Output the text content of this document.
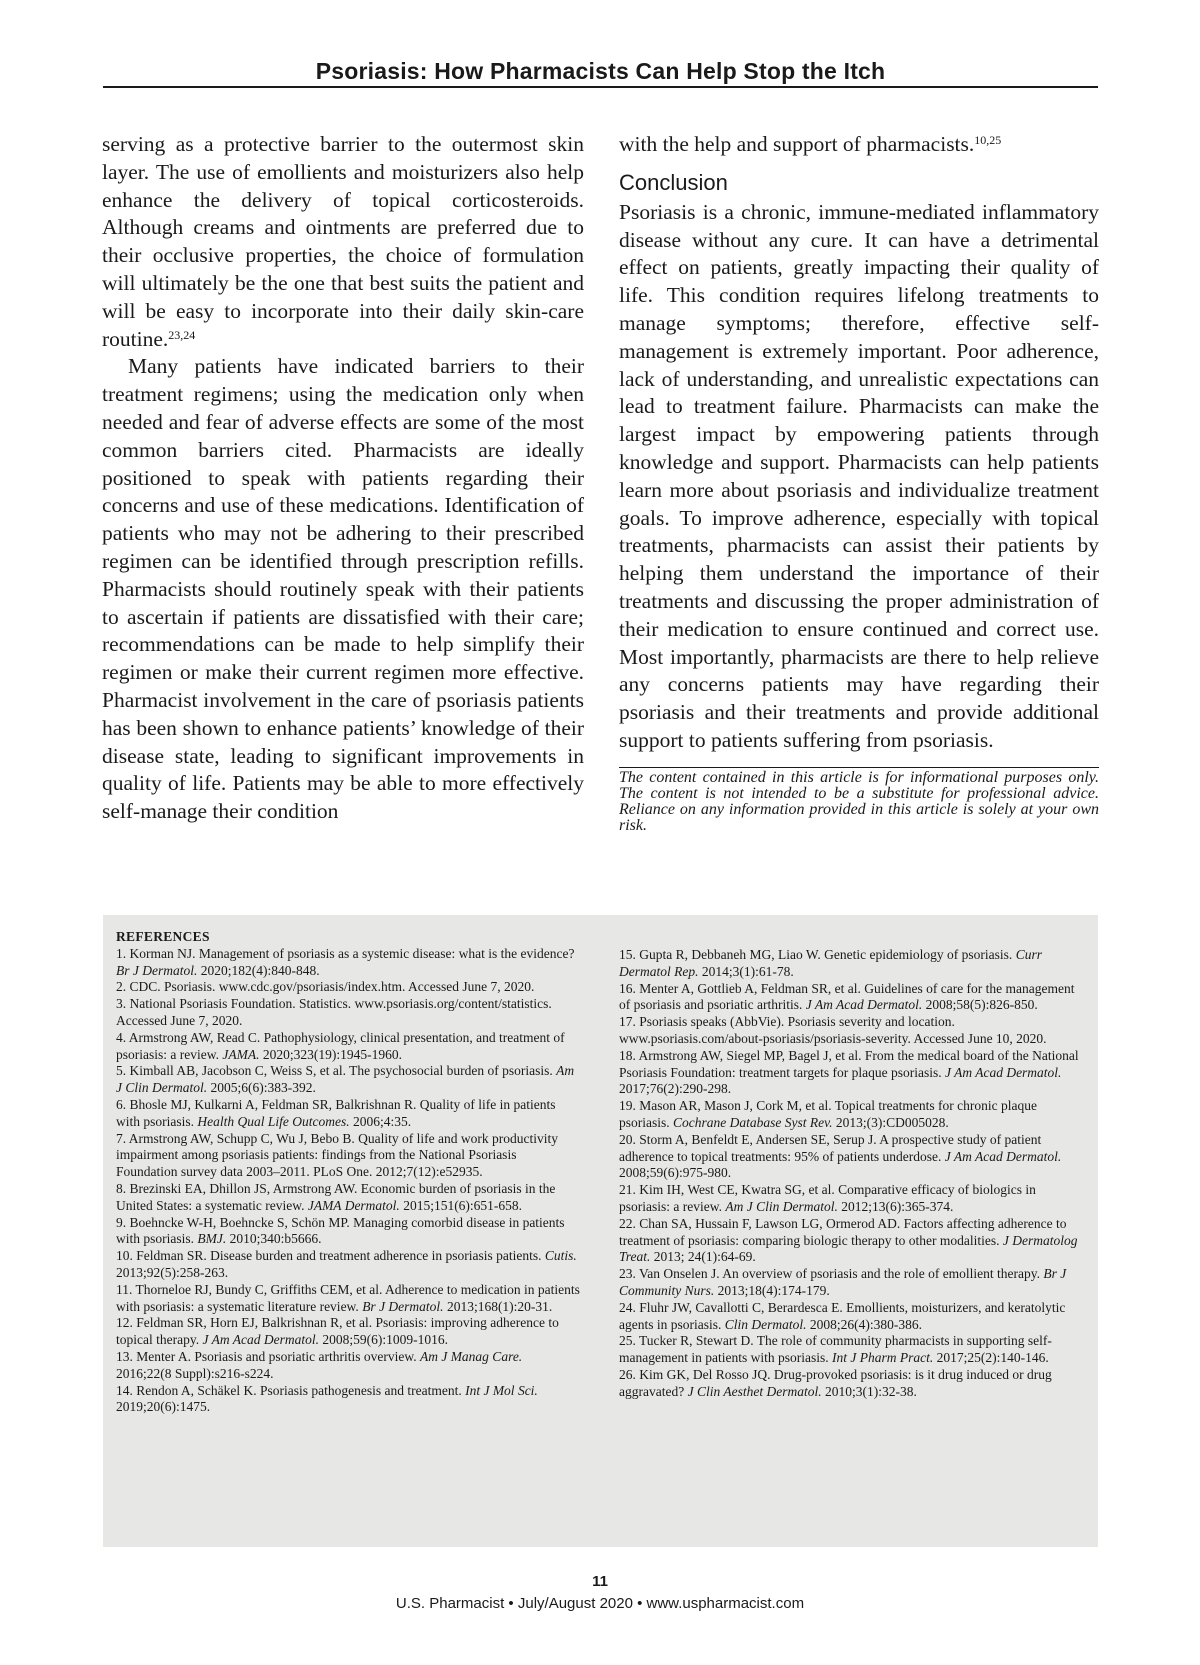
Psoriasis: How Pharmacists Can Help Stop the Itch

serving as a protective barrier to the outermost skin layer. The use of emollients and moisturizers also help enhance the delivery of topical corticosteroids. Although creams and ointments are preferred due to their occlusive properties, the choice of formulation will ultimately be the one that best suits the patient and will be easy to incorporate into their daily skin-care routine.$^{23,24}$

Many patients have indicated barriers to their treatment regimens; using the medication only when needed and fear of adverse effects are some of the most common barriers cited. Pharmacists are ideally positioned to speak with patients regarding their concerns and use of these medications. Identification of patients who may not be adhering to their prescribed regimen can be identified through prescription refills. Pharmacists should routinely speak with their patients to ascertain if patients are dissatisfied with their care; recommendations can be made to help simplify their regimen or make their current regimen more effective. Pharmacist involvement in the care of psoriasis patients has been shown to enhance patients’ knowledge of their disease state, leading to significant improvements in quality of life. Patients may be able to more effectively self-manage their condition

with the help and support of pharmacists.$^{10,25}$

Conclusion

Psoriasis is a chronic, immune-mediated inflammatory disease without any cure. It can have a detrimental effect on patients, greatly impacting their quality of life. This condition requires lifelong treatments to manage symptoms; therefore, effective self-management is extremely important. Poor adherence, lack of understanding, and unrealistic expectations can lead to treatment failure. Pharmacists can make the largest impact by empowering patients through knowledge and support. Pharmacists can help patients learn more about psoriasis and individualize treatment goals. To improve adherence, especially with topical treatments, pharmacists can assist their patients by helping them understand the importance of their treatments and discussing the proper administration of their medication to ensure continued and correct use. Most importantly, pharmacists are there to help relieve any concerns patients may have regarding their psoriasis and their treatments and provide additional support to patients suffering from psoriasis.

The content contained in this article is for informational purposes only. The content is not intended to be a substitute for professional advice. Reliance on any information provided in this article is solely at your own risk.
REFERENCES

1. Korman NJ. Management of psoriasis as a systemic disease: what is the evidence? Br J Dermatol. 2020;182(4):840-848.

2. CDC. Psoriasis. www.cdc.gov/psoriasis/index.htm. Accessed June 7, 2020.

3. National Psoriasis Foundation. Statistics. www.psoriasis.org/content/statistics. Accessed June 7, 2020.

4. Armstrong AW, Read C. Pathophysiology, clinical presentation, and treatment of psoriasis: a review. JAMA. 2020;323(19):1945-1960.

5. Kimball AB, Jacobson C, Weiss S, et al. The psychosocial burden of psoriasis. Am J Clin Dermatol. 2005;6(6):383-392.

6. Bhosle MJ, Kulkarni A, Feldman SR, Balkrishnan R. Quality of life in patients with psoriasis. Health Qual Life Outcomes. 2006;4:35.

7. Armstrong AW, Schupp C, Wu J, Bebo B. Quality of life and work productivity impairment among psoriasis patients: findings from the National Psoriasis Foundation survey data 2003–2011. PLoS One. 2012;7(12):e52935.

8. Brezinski EA, Dhillon JS, Armstrong AW. Economic burden of psoriasis in the United States: a systematic review. JAMA Dermatol. 2015;151(6):651-658.

9. Boehncke W-H, Boehncke S, Schön MP. Managing comorbid disease in patients with psoriasis. BMJ. 2010;340:b5666.

10. Feldman SR. Disease burden and treatment adherence in psoriasis patients. Cutis. 2013;92(5):258-263.

11. Thorneloe RJ, Bundy C, Griffiths CEM, et al. Adherence to medication in patients with psoriasis: a systematic literature review. Br J Dermatol. 2013;168(1):20-31.

12. Feldman SR, Horn EJ, Balkrishnan R, et al. Psoriasis: improving adherence to topical therapy. J Am Acad Dermatol. 2008;59(6):1009-1016.

13. Menter A. Psoriasis and psoriatic arthritis overview. Am J Manag Care. 2016;22(8 Suppl):s216-s224.

14. Rendon A, Schäkel K. Psoriasis pathogenesis and treatment. Int J Mol Sci. 2019;20(6):1475.

15. Gupta R, Debbaneh MG, Liao W. Genetic epidemiology of psoriasis. Curr Dermatol Rep. 2014;3(1):61-78.

16. Menter A, Gottlieb A, Feldman SR, et al. Guidelines of care for the management of psoriasis and psoriatic arthritis. J Am Acad Dermatol. 2008;58(5):826-850.

17. Psoriasis speaks (AbbVie). Psoriasis severity and location. www.psoriasis.com/about-psoriasis/psoriasis-severity. Accessed June 10, 2020.

18. Armstrong AW, Siegel MP, Bagel J, et al. From the medical board of the National Psoriasis Foundation: treatment targets for plaque psoriasis. J Am Acad Dermatol. 2017;76(2):290-298.

19. Mason AR, Mason J, Cork M, et al. Topical treatments for chronic plaque psoriasis. Cochrane Database Syst Rev. 2013;(3):CD005028.

20. Storm A, Benfeldt E, Andersen SE, Serup J. A prospective study of patient adherence to topical treatments: 95% of patients underdose. J Am Acad Dermatol. 2008;59(6):975-980.

21. Kim IH, West CE, Kwatra SG, et al. Comparative efficacy of biologics in psoriasis: a review. Am J Clin Dermatol. 2012;13(6):365-374.

22. Chan SA, Hussain F, Lawson LG, Ormerod AD. Factors affecting adherence to treatment of psoriasis: comparing biologic therapy to other modalities. J Dermatolog Treat. 2013; 24(1):64-69.

23. Van Onselen J. An overview of psoriasis and the role of emollient therapy. Br J Community Nurs. 2013;18(4):174-179.

24. Fluhr JW, Cavallotti C, Berardesca E. Emollients, moisturizers, and keratolytic agents in psoriasis. Clin Dermatol. 2008;26(4):380-386.

25. Tucker R, Stewart D. The role of community pharmacists in supporting self-management in patients with psoriasis. Int J Pharm Pract. 2017;25(2):140-146.

26. Kim GK, Del Rosso JQ. Drug-provoked psoriasis: is it drug induced or drug aggravated? J Clin Aesthet Dermatol. 2010;3(1):32-38.

11
U.S. Pharmacist • July/August 2020 • www.uspharmacist.com
